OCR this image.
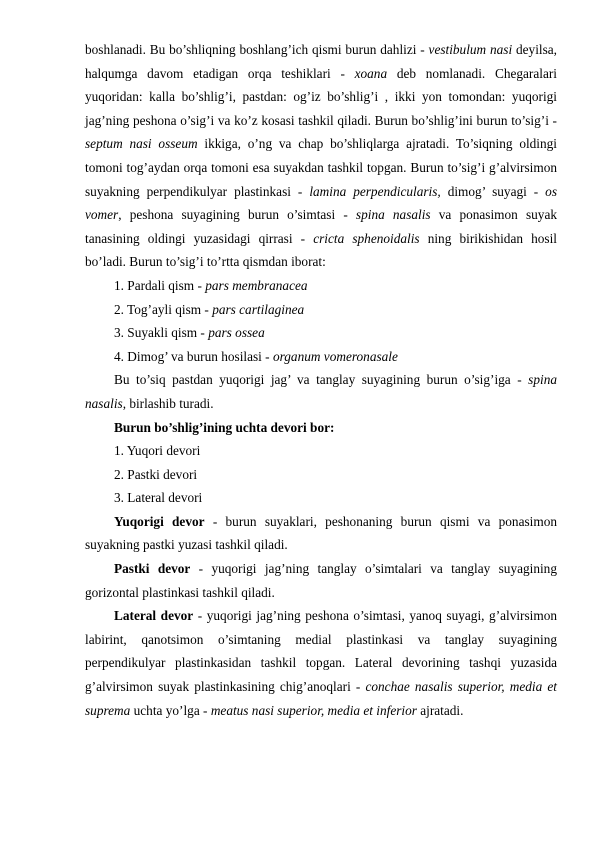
boshlanadi. Bu bo’shliqning boshlang’ich qismi burun dahlizi - vestibulum nasi deyilsa, halqumga davom etadigan orqa teshiklari - xoana deb nomlanadi. Chegaralari yuqoridan: kalla bo’shlig’i, pastdan: og’iz bo’shlig’i , ikki yon tomondan: yuqorigi jag’ning peshona o’sig’i va ko’z kosasi tashkil qiladi. Burun bo’shlig’ini burun to’sig’i - septum nasi osseum ikkiga, o’ng va chap bo’shliqlarga ajratadi. To’siqning oldingi tomoni tog’aydan orqa tomoni esa suyakdan tashkil topgan. Burun to’sig’i g’alvirsimon suyakning perpendikulyar plastinkasi - lamina perpendicularis, dimog’ suyagi - os vomer, peshona suyagining burun o’simtasi - spina nasalis va ponasimon suyak tanasining oldingi yuzasidagi qirrasi - cricta sphenoidalis ning birikishidan hosil bo’ladi. Burun to’sig’i to’rtta qismdan iborat:

1. Pardali qism - pars membranacea

2. Tog’ayli qism - pars cartilaginea

3. Suyakli qism - pars ossea

4. Dimog’ va burun hosilasi - organum vomeronasale

Bu to’siq pastdan yuqorigi jag’ va tanglay suyagining burun o’sig’iga - spina nasalis, birlashib turadi.

Burun bo’shlig’ining uchta devori bor:

1. Yuqori devori

2. Pastki devori

3. Lateral devori

Yuqorigi devor - burun suyaklari, peshonaning burun qismi va ponasimon suyakning pastki yuzasi tashkil qiladi.

Pastki devor - yuqorigi jag’ning tanglay o’simtalari va tanglay suyagining gorizontal plastinkasi tashkil qiladi.

Lateral devor - yuqorigi jag’ning peshona o’simtasi, yanoq suyagi, g’alvirsimon labirint, qanotsimon o’simtaning medial plastinkasi va tanglay suyagining perpendikulyar plastinkasidan tashkil topgan. Lateral devorining tashqi yuzasida g’alvirsimon suyak plastinkasining chig’anoqlari - conchae nasalis superior, media et suprema uchta yo’lga - meatus nasi superior, media et inferior ajratadi.
